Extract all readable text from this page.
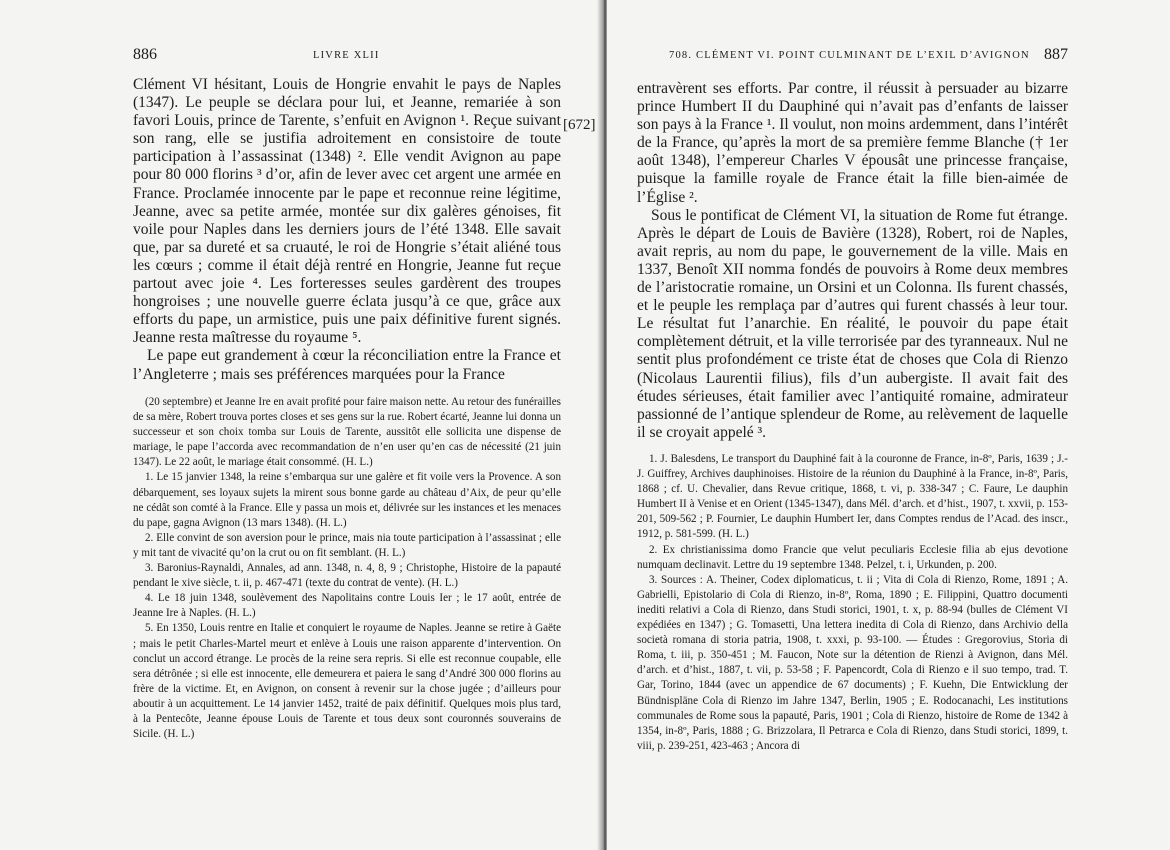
886	LIVRE XLII
[672]

Clément VI hésitant, Louis de Hongrie envahit le pays de Naples (1347). Le peuple se déclara pour lui, et Jeanne, remariée à son favori Louis, prince de Tarente, s’enfuit en Avignon ¹. Reçue suivant son rang, elle se justifia adroitement en consistoire de toute participation à l’assassinat (1348) ². Elle vendit Avignon au pape pour 80 000 florins ³ d’or, afin de lever avec cet argent une armée en France. Proclamée innocente par le pape et reconnue reine légitime, Jeanne, avec sa petite armée, montée sur dix galères génoises, fit voile pour Naples dans les derniers jours de l’été 1348. Elle savait que, par sa dureté et sa cruauté, le roi de Hongrie s’était aliéné tous les cœurs ; comme il était déjà rentré en Hongrie, Jeanne fut reçue partout avec joie ⁴. Les forteresses seules gardèrent des troupes hongroises ; une nouvelle guerre éclata jusqu’à ce que, grâce aux efforts du pape, un armistice, puis une paix définitive furent signés. Jeanne resta maîtresse du royaume ⁵.

Le pape eut grandement à cœur la réconciliation entre la France et l’Angleterre ; mais ses préférences marquées pour la France

(20 septembre) et Jeanne Ire en avait profité pour faire maison nette. Au retour des funérailles de sa mère, Robert trouva portes closes et ses gens sur la rue. Robert écarté, Jeanne lui donna un successeur et son choix tomba sur Louis de Tarente, aussitôt elle sollicita une dispense de mariage, le pape l’accorda avec recommandation de n’en user qu’en cas de nécessité (21 juin 1347). Le 22 août, le mariage était consommé. (H. L.)

1. Le 15 janvier 1348, la reine s’embarqua sur une galère et fit voile vers la Provence. A son débarquement, ses loyaux sujets la mirent sous bonne garde au château d’Aix, de peur qu’elle ne cédât son comté à la France. Elle y passa un mois et, délivrée sur les instances et les menaces du pape, gagna Avignon (13 mars 1348). (H. L.)

2. Elle convint de son aversion pour le prince, mais nia toute participation à l’assassinat ; elle y mit tant de vivacité qu’on la crut ou on fit semblant. (H. L.)

3. Baronius-Raynaldi, Annales, ad ann. 1348, n. 4, 8, 9 ; Christophe, Histoire de la papauté pendant le xive siècle, t. ii, p. 467-471 (texte du contrat de vente). (H. L.)

4. Le 18 juin 1348, soulèvement des Napolitains contre Louis Ier ; le 17 août, entrée de Jeanne Ire à Naples. (H. L.)

5. En 1350, Louis rentre en Italie et conquiert le royaume de Naples. Jeanne se retire à Gaëte ; mais le petit Charles-Martel meurt et enlève à Louis une raison apparente d’intervention. On conclut un accord étrange. Le procès de la reine sera repris. Si elle est reconnue coupable, elle sera détrônée ; si elle est innocente, elle demeurera et paiera le sang d’André 300 000 florins au frère de la victime. Et, en Avignon, on consent à revenir sur la chose jugée ; d’ailleurs pour aboutir à un acquittement. Le 14 janvier 1452, traité de paix définitif. Quelques mois plus tard, à la Pentecôte, Jeanne épouse Louis de Tarente et tous deux sont couronnés souverains de Sicile. (H. L.)

708. CLÉMENT VI. POINT CULMINANT DE L’EXIL D’AVIGNON 887

entravèrent ses efforts. Par contre, il réussit à persuader au bizarre prince Humbert II du Dauphiné qui n’avait pas d’enfants de laisser son pays à la France ¹. Il voulut, non moins ardemment, dans l’intérêt de la France, qu’après la mort de sa première femme Blanche († 1er août 1348), l’empereur Charles V épousât une princesse française, puisque la famille royale de France était la fille bien-aimée de l’Église ².

Sous le pontificat de Clément VI, la situation de Rome fut étrange. Après le départ de Louis de Bavière (1328), Robert, roi de Naples, avait repris, au nom du pape, le gouvernement de la ville. Mais en 1337, Benoît XII nomma fondés de pouvoirs à Rome deux membres de l’aristocratie romaine, un Orsini et un Colonna. Ils furent chassés, et le peuple les remplaça par d’autres qui furent chassés à leur tour. Le résultat fut l’anarchie. En réalité, le pouvoir du pape était complètement détruit, et la ville terrorisée par des tyranneaux. Nul ne sentit plus profondément ce triste état de choses que Cola di Rienzo (Nicolaus Laurentii filius), fils d’un aubergiste. Il avait fait des études sérieuses, était familier avec l’antiquité romaine, admirateur passionné de l’antique splendeur de Rome, au relèvement de laquelle il se croyait appelé ³.

1. J. Balesdens, Le transport du Dauphiné fait à la couronne de France, in-8º, Paris, 1639 ; J.-J. Guiffrey, Archives dauphinoises. Histoire de la réunion du Dauphiné à la France, in-8º, Paris, 1868 ; cf. U. Chevalier, dans Revue critique, 1868, t. vi, p. 338-347 ; C. Faure, Le dauphin Humbert II à Venise et en Orient (1345-1347), dans Mél. d’arch. et d’hist., 1907, t. xxvii, p. 153-201, 509-562 ; P. Fournier, Le dauphin Humbert Ier, dans Comptes rendus de l’Acad. des inscr., 1912, p. 581-599. (H. L.)

2. Ex christianissima domo Francie que velut peculiaris Ecclesie filia ab ejus devotione numquam declinavit. Lettre du 19 septembre 1348. Pelzel, t. i, Urkunden, p. 200.

3. Sources : A. Theiner, Codex diplomaticus, t. ii ; Vita di Cola di Rienzo, Rome, 1891 ; A. Gabrielli, Epistolario di Cola di Rienzo, in-8º, Roma, 1890 ; E. Filippini, Quattro documenti inediti relativi a Cola di Rienzo, dans Studi storici, 1901, t. x, p. 88-94 (bulles de Clément VI expédiées en 1347) ; G. Tomasetti, Una lettera inedita di Cola di Rienzo, dans Archivio della società romana di storia patria, 1908, t. xxxi, p. 93-100. — Études : Gregorovius, Storia di Roma, t. iii, p. 350-451 ; M. Faucon, Note sur la détention de Rienzi à Avignon, dans Mél. d’arch. et d’hist., 1887, t. vii, p. 53-58 ; F. Papencordt, Cola di Rienzo e il suo tempo, trad. T. Gar, Torino, 1844 (avec un appendice de 67 documents) ; F. Kuehn, Die Entwicklung der Bündnispläne Cola di Rienzo im Jahre 1347, Berlin, 1905 ; E. Rodocanachi, Les institutions communales de Rome sous la papauté, Paris, 1901 ; Cola di Rienzo, histoire de Rome de 1342 à 1354, in-8º, Paris, 1888 ; G. Brizzolara, Il Petrarca e Cola di Rienzo, dans Studi storici, 1899, t. viii, p. 239-251, 423-463 ; Ancora di
